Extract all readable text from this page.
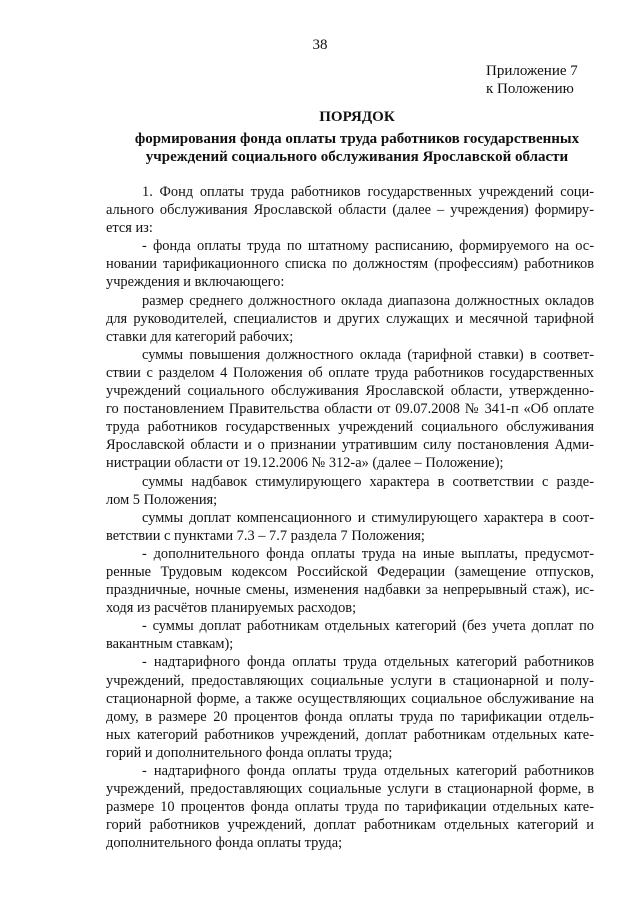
38
Приложение 7
к Положению
ПОРЯДОК
формирования фонда оплаты труда работников государственных
учреждений социального обслуживания Ярославской области
1. Фонд оплаты труда работников государственных учреждений соци-
ального обслуживания Ярославской области (далее – учреждения) формиру-
ется из:
- фонда оплаты труда по штатному расписанию, формируемого на ос-
новании тарификационного списка по должностям (профессиям) работников
учреждения и включающего:
размер среднего должностного оклада диапазона должностных окладов
для руководителей, специалистов и других служащих и месячной тарифной
ставки для категорий рабочих;
суммы повышения должностного оклада (тарифной ставки) в соответ-
ствии с разделом 4 Положения об оплате труда работников государственных
учреждений социального обслуживания Ярославской области, утвержденно-
го постановлением Правительства области от 09.07.2008 № 341-п «Об оплате
труда работников государственных учреждений социального обслуживания
Ярославской области и о признании утратившим силу постановления Адми-
нистрации области от 19.12.2006 № 312-а» (далее – Положение);
суммы надбавок стимулирующего характера в соответствии с разде-
лом 5 Положения;
суммы доплат компенсационного и стимулирующего характера в соот-
ветствии с пунктами 7.3 – 7.7 раздела 7 Положения;
- дополнительного фонда оплаты труда на иные выплаты, предусмот-
ренные Трудовым кодексом Российской Федерации (замещение отпусков,
праздничные, ночные смены, изменения надбавки за непрерывный стаж), ис-
ходя из расчётов планируемых расходов;
- суммы доплат работникам отдельных категорий (без учета доплат по
вакантным ставкам);
- надтарифного фонда оплаты труда отдельных категорий работников
учреждений, предоставляющих социальные услуги в стационарной и полу-
стационарной форме, а также осуществляющих социальное обслуживание на
дому, в размере 20 процентов фонда оплаты труда по тарификации отдель-
ных категорий работников учреждений, доплат работникам отдельных кате-
горий и дополнительного фонда оплаты труда;
- надтарифного фонда оплаты труда отдельных категорий работников
учреждений, предоставляющих социальные услуги в стационарной форме, в
размере 10 процентов фонда оплаты труда по тарификации отдельных кате-
горий работников учреждений, доплат работникам отдельных категорий и
дополнительного фонда оплаты труда;
